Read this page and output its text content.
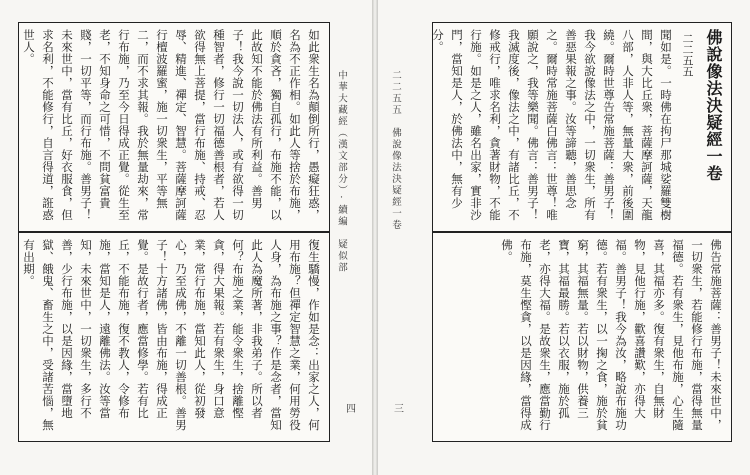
如此衆生名為顛倒所行，愚癡狂惑，名為不正作相。如此人等捨於布施，順於貪吝，獨自孤行，布施不能，以此故知不能於佛法有所利益。善男子！我今說一切法人，或有欲得一切種智者，修行一切福德善根者，若人欲得無上菩提，當行布施、持戒、忍辱、精進、禪定、智慧。菩薩摩訶薩行檀波羅蜜，施一切衆生，平等無二，而不求其報。我於無量劫來，常行布施，乃至今日得成正覺。從生至老，不知身命之可惜，不問貧富貴賤，一切平等，而行布施。善男子！未來世中，當有比丘，好衣服食，但求名利，不能修行，自言得道，誑惑世人。
復生驕慢，作如是念：出家之人，何用布施？但禪定智慧之業，何用勞役人身，為布施之事？作是念者，當知此人為魔所著，非我弟子。所以者何？布施之業，能令衆生，捨離慳貪，得大果報。若有衆生，身口意業，常行布施，當知此人，從初發心，乃至成佛，不離一切善根。善男子！十方諸佛，皆由布施，得成正覺。是故行者，應當修學。若有比丘，不能布施，復不教人，令修布施，當知是人，遠離佛法。汝等當知，未來世中，一切衆生，多行不善，少行布施，以是因緣，當墮地獄、餓鬼、畜生之中，受諸苦惱，無有出期。	中華大藏經（漢文部分）·續編　疑似部
四
佛說像法決疑經一卷
二二五五
聞如是。一時佛在拘尸那城娑羅雙樹間，與大比丘衆，菩薩摩訶薩，天龍八部，人非人等，無量大衆，前後圍繞。爾時世尊告常施菩薩：善男子！我今欲說像法之中，一切衆生，所有善惡果報之事。汝等諦聽，善思念之。爾時常施菩薩白佛言：世尊！唯願說之，我等樂聞。佛言：善男子！我滅度後，像法之中，有諸比丘，不修戒行，唯求名利，貪著財物，不能行施。如是之人，雖名出家，實非沙門，當知是人，於佛法中，無有少分。
佛告常施菩薩：善男子！未來世中，一切衆生，若能修行布施，當得無量福德。若有衆生，見他布施，心生隨喜，其福亦多。復有衆生，自無財物，見他行施，歡喜讚歎，亦得大福。善男子！我今為汝，略說布施功德。若有衆生，以一掬之食，施於貧窮，其福無量。若以財物，供養三寶，其福最勝。若以衣服，施於孤老，亦得大福。是故衆生，應當勤行布施，莫生慳貪，以是因緣，當得成佛。
二二五五　佛說像法決疑經一卷
三
